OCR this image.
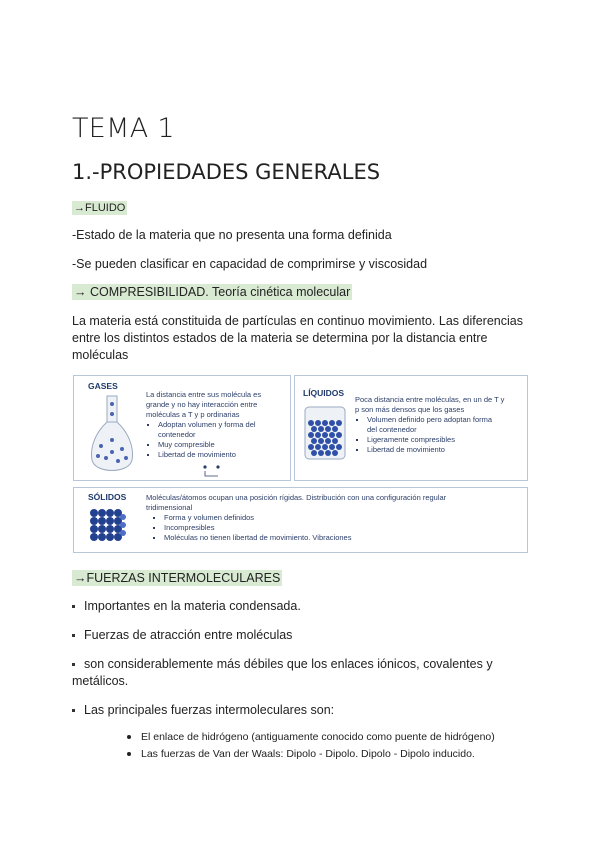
TEMA 1
1.-PROPIEDADES GENERALES
→FLUIDO
-Estado de la materia que no presenta una forma definida
-Se pueden clasificar en capacidad de comprimirse y viscosidad
→ COMPRESIBILIDAD. Teoría cinética molecular
La materia está constituida de partículas en continuo movimiento. Las diferencias
entre los distintos estados de la materia se determina por la distancia entre
moléculas
GASES
La distancia entre sus molécula es
grande y no hay interacción entre
moléculas a T y p ordinarias
▪ Adoptan volumen y forma del
contenedor
▪ Muy compresible
▪ Libertad de movimiento
LÍQUIDOS
Poca distancia entre moléculas, en un de T y
p son más densos que los gases
▪ Volumen definido pero adoptan forma
del contenedor
▪ Ligeramente compresibles
▪ Libertad de movimiento
SÓLIDOS	Moléculas/átomos ocupan una posición rígidas. Distribución con una configuración regular
tridimensional
▪ Forma y volumen definidos
▪ Incompresibles
▪ Moléculas no tienen libertad de movimiento. Vibraciones
→FUERZAS INTERMOLECULARES
Importantes en la materia condensada.
Fuerzas de atracción entre moléculas
son considerablemente más débiles que los enlaces iónicos, covalentes y
metálicos.
Las principales fuerzas intermoleculares son:
El enlace de hidrógeno (antiguamente conocido como puente de hidrógeno)
Las fuerzas de Van der Waals: Dipolo - Dipolo. Dipolo - Dipolo inducido.
